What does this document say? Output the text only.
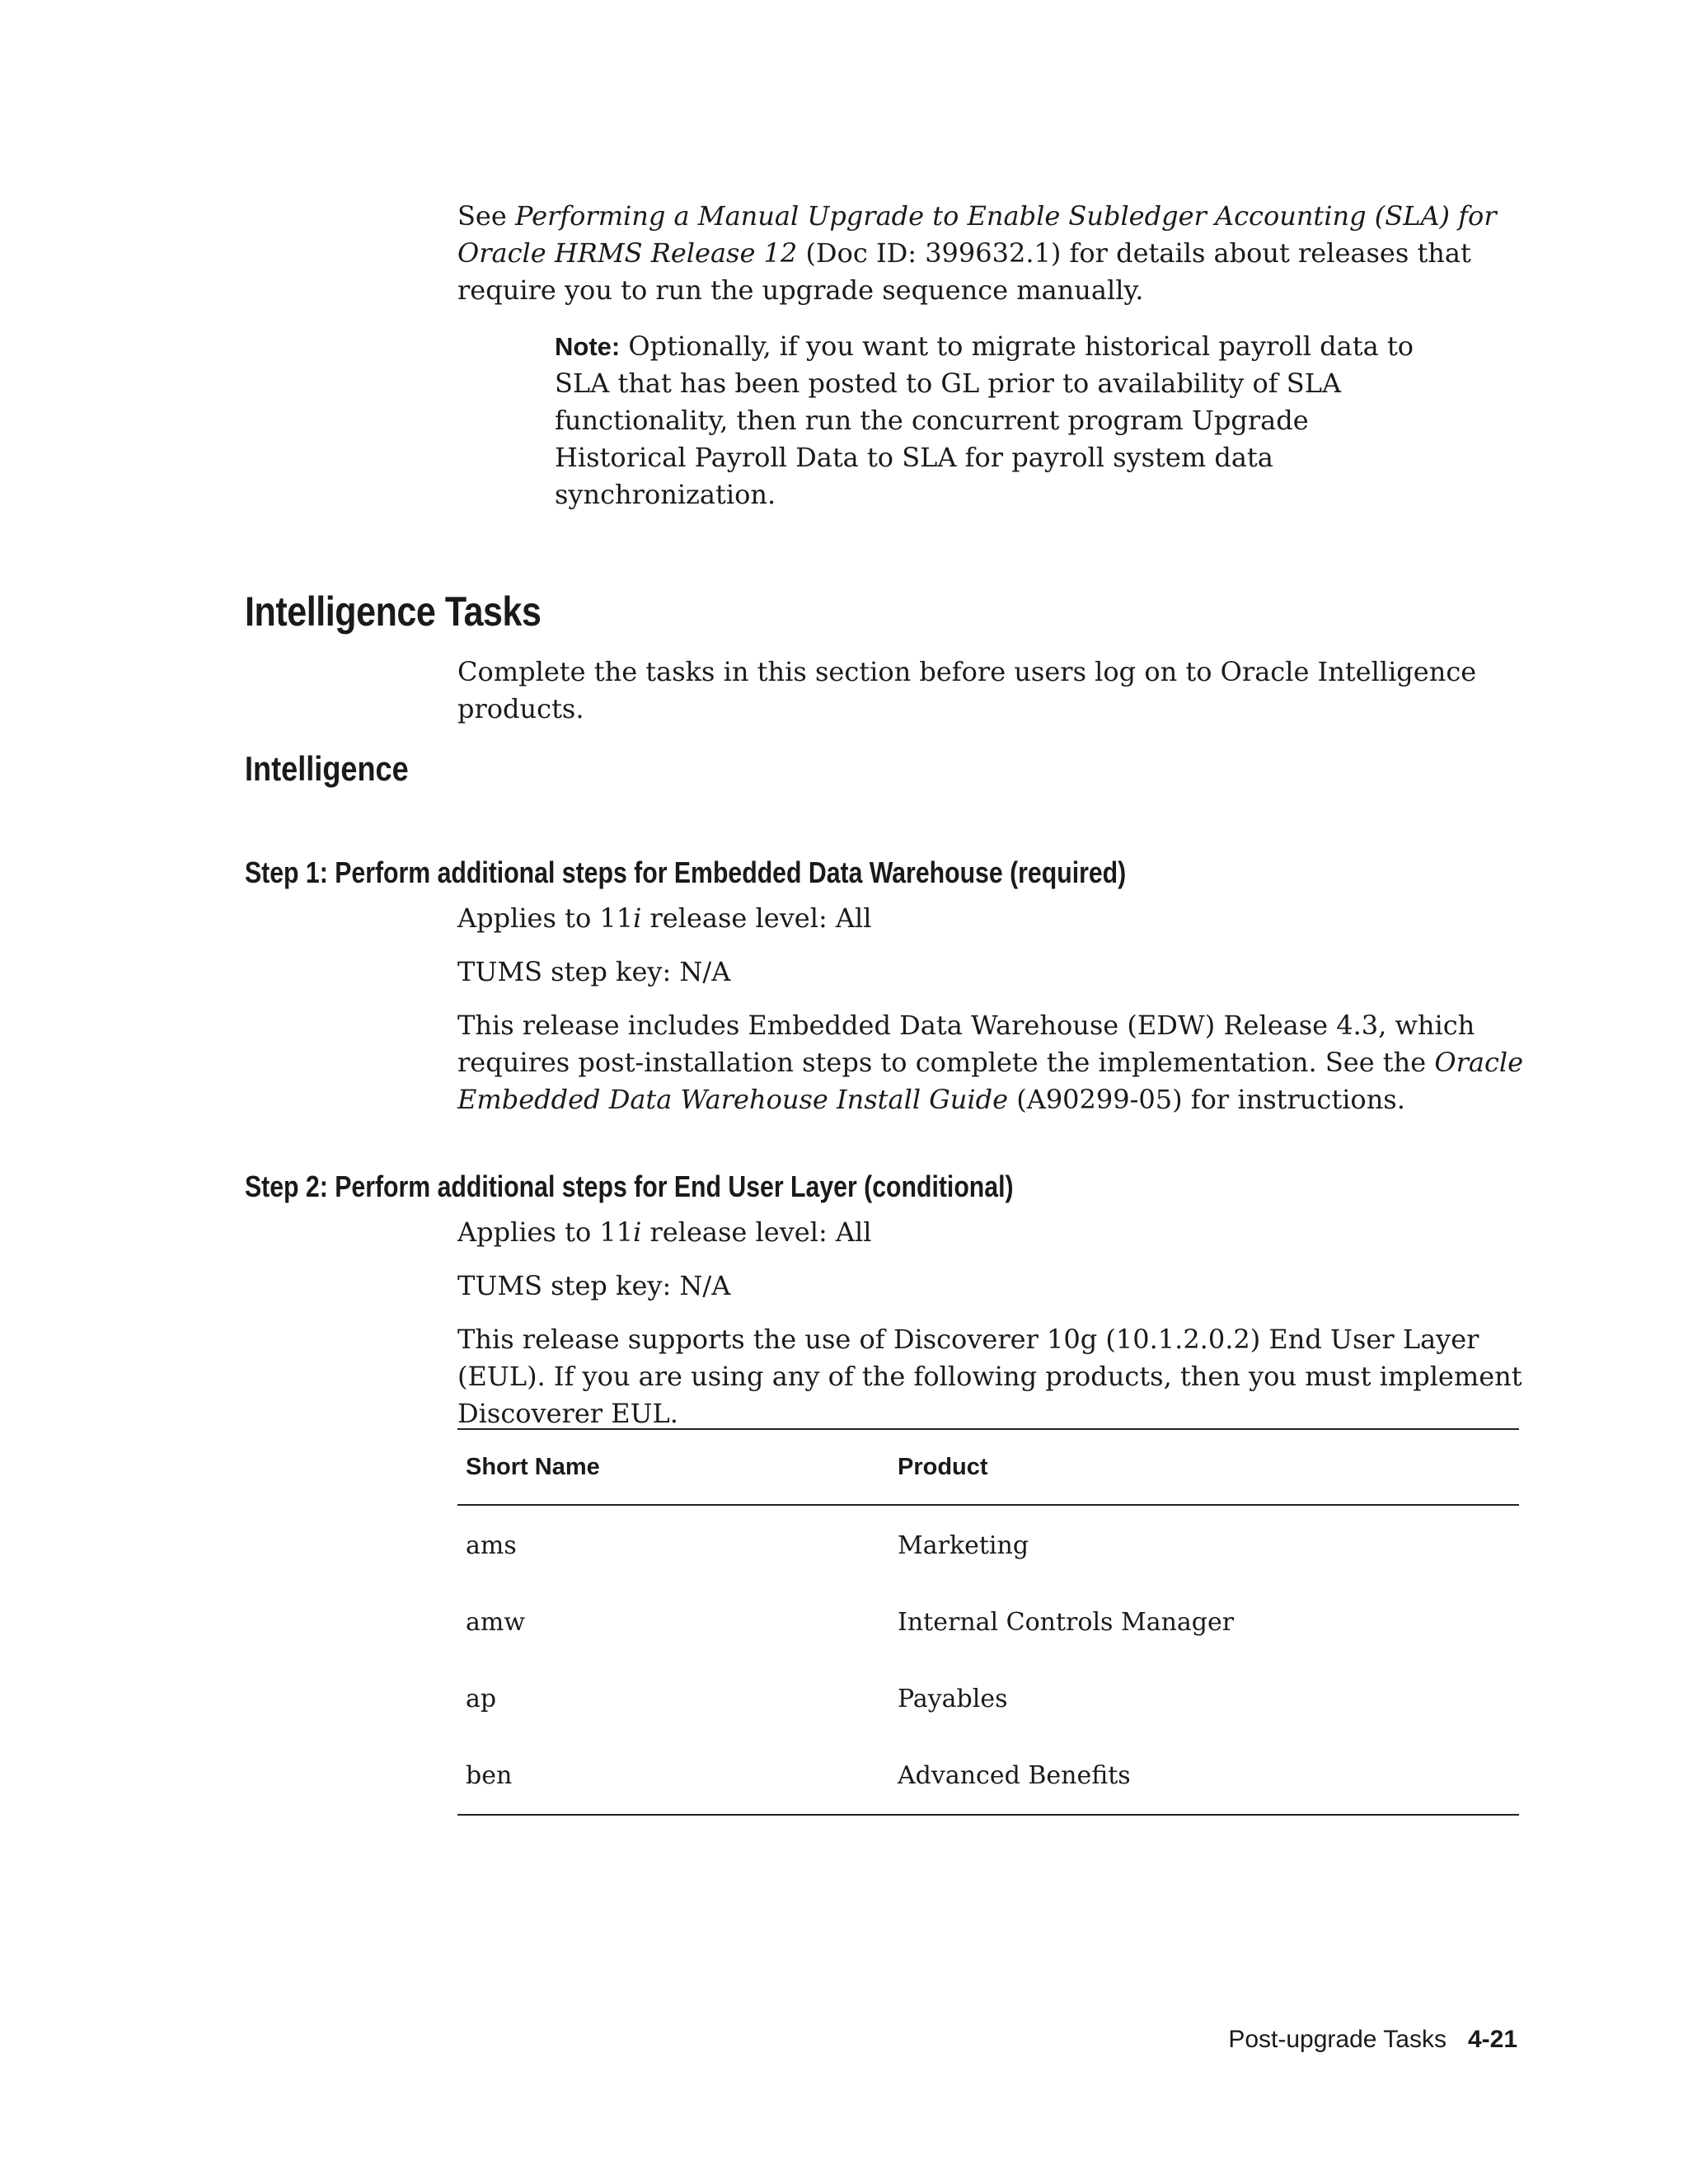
See Performing a Manual Upgrade to Enable Subledger Accounting (SLA) for Oracle HRMS Release 12 (Doc ID: 399632.1) for details about releases that require you to run the upgrade sequence manually.

Note: Optionally, if you want to migrate historical payroll data to SLA that has been posted to GL prior to availability of SLA functionality, then run the concurrent program Upgrade Historical Payroll Data to SLA for payroll system data synchronization.

Intelligence Tasks

Complete the tasks in this section before users log on to Oracle Intelligence products.

Intelligence
Step 1: Perform additional steps for Embedded Data Warehouse (required)

Applies to 11i release level: All

TUMS step key: N/A

This release includes Embedded Data Warehouse (EDW) Release 4.3, which requires post-installation steps to complete the implementation. See the Oracle Embedded Data Warehouse Install Guide (A90299-05) for instructions.

Step 2: Perform additional steps for End User Layer (conditional)

Applies to 11i release level: All

TUMS step key: N/A

This release supports the use of Discoverer 10g (10.1.2.0.2) End User Layer (EUL). If you are using any of the following products, then you must implement Discoverer EUL.

Short Name	Product
ams	Marketing
amw	Internal Controls Manager
ap	Payables
ben	Advanced Benefits
Post-upgrade Tasks 4-21
